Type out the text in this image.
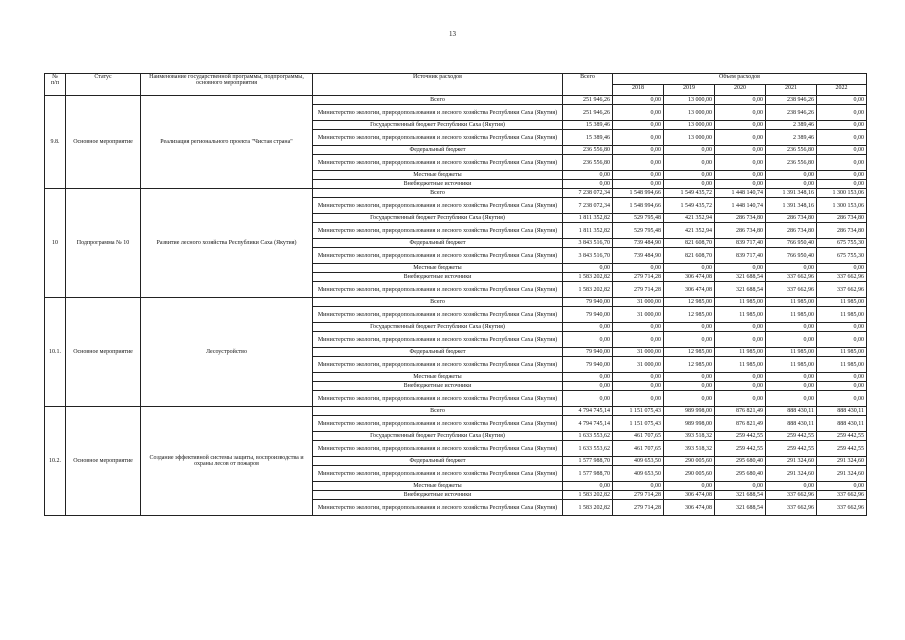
13
№
п/п	Статус	Наименование государственной программы, подпрограммы, основного мероприятия	Источник расходов	Всего	Объем расходов				
					2018	2019	2020	2021	2022
9.8.	Основное мероприятие	Реализация регионального проекта "Чистая страна"	Всего	251 946,26	0,00	13 000,00	0,00	238 946,26	0,00
			Министерство экологии, природопользования и лесного хозяйства Республики Саха (Якутия)	251 946,26	0,00	13 000,00	0,00	238 946,26	0,00
			Государственный бюджет Республики Саха (Якутия)	15 389,46	0,00	13 000,00	0,00	2 389,46	0,00
			Министерство экологии, природопользования и лесного хозяйства Республики Саха (Якутия)	15 389,46	0,00	13 000,00	0,00	2 389,46	0,00
			Федеральный бюджет	236 556,80	0,00	0,00	0,00	236 556,80	0,00
			Министерство экологии, природопользования и лесного хозяйства Республики Саха (Якутия)	236 556,80	0,00	0,00	0,00	236 556,80	0,00
			Местные бюджеты	0,00	0,00	0,00	0,00	0,00	0,00
			Внебюджетные источники	0,00	0,00	0,00	0,00	0,00	0,00
10	Подпрограмма № 10	Развитие лесного хозяйства Республики Саха (Якутия)	Всего	7 238 072,34	1 548 994,66	1 549 435,72	1 448 140,74	1 391 348,16	1 300 153,06
			Министерство экологии, природопользования и лесного хозяйства Республики Саха (Якутия)	7 238 072,34	1 548 994,66	1 549 435,72	1 448 140,74	1 391 348,16	1 300 153,06
			Государственный бюджет Республики Саха (Якутия)	1 811 352,82	529 795,48	421 352,94	286 734,80	286 734,80	286 734,80
			Министерство экологии, природопользования и лесного хозяйства Республики Саха (Якутия)	1 811 352,82	529 795,48	421 352,94	286 734,80	286 734,80	286 734,80
			Федеральный бюджет	3 843 516,70	739 484,90	821 608,70	839 717,40	766 950,40	675 755,30
			Министерство экологии, природопользования и лесного хозяйства Республики Саха (Якутия)	3 843 516,70	739 484,90	821 608,70	839 717,40	766 950,40	675 755,30
			Местные бюджеты	0,00	0,00	0,00	0,00	0,00	0,00
			Внебюджетные источники	1 583 202,82	279 714,28	306 474,08	321 688,54	337 662,96	337 662,96
			Министерство экологии, природопользования и лесного хозяйства Республики Саха (Якутия)	1 583 202,82	279 714,28	306 474,08	321 688,54	337 662,96	337 662,96
10.1.	Основное мероприятие	Лесоустройство	Всего	79 940,00	31 000,00	12 985,00	11 985,00	11 985,00	11 985,00
			Министерство экологии, природопользования и лесного хозяйства Республики Саха (Якутия)	79 940,00	31 000,00	12 985,00	11 985,00	11 985,00	11 985,00
			Государственный бюджет Республики Саха (Якутия)	0,00	0,00	0,00	0,00	0,00	0,00
			Министерство экологии, природопользования и лесного хозяйства Республики Саха (Якутия)	0,00	0,00	0,00	0,00	0,00	0,00
			Федеральный бюджет	79 940,00	31 000,00	12 985,00	11 985,00	11 985,00	11 985,00
			Министерство экологии, природопользования и лесного хозяйства Республики Саха (Якутия)	79 940,00	31 000,00	12 985,00	11 985,00	11 985,00	11 985,00
			Местные бюджеты	0,00	0,00	0,00	0,00	0,00	0,00
			Внебюджетные источники	0,00	0,00	0,00	0,00	0,00	0,00
			Министерство экологии, природопользования и лесного хозяйства Республики Саха (Якутия)	0,00	0,00	0,00	0,00	0,00	0,00
10.2.	Основное мероприятие	Создание эффективной системы защиты, воспроизводства и охраны лесов от пожаров	Всего	4 794 745,14	1 151 075,43	989 998,00	876 821,49	888 430,11	888 430,11
			Министерство экологии, природопользования и лесного хозяйства Республики Саха (Якутия)	4 794 745,14	1 151 075,43	989 998,00	876 821,49	888 430,11	888 430,11
			Государственный бюджет Республики Саха (Якутия)	1 633 553,62	461 707,65	393 518,32	259 442,55	259 442,55	259 442,55
			Министерство экологии, природопользования и лесного хозяйства Республики Саха (Якутия)	1 633 553,62	461 707,65	393 518,32	259 442,55	259 442,55	259 442,55
			Федеральный бюджет	1 577 988,70	409 653,50	290 005,60	295 680,40	291 324,60	291 324,60
			Министерство экологии, природопользования и лесного хозяйства Республики Саха (Якутия)	1 577 988,70	409 653,50	290 005,60	295 680,40	291 324,60	291 324,60
			Местные бюджеты	0,00	0,00	0,00	0,00	0,00	0,00
			Внебюджетные источники	1 583 202,82	279 714,28	306 474,08	321 688,54	337 662,96	337 662,96
			Министерство экологии, природопользования и лесного хозяйства Республики Саха (Якутия)	1 583 202,82	279 714,28	306 474,08	321 688,54	337 662,96	337 662,96
